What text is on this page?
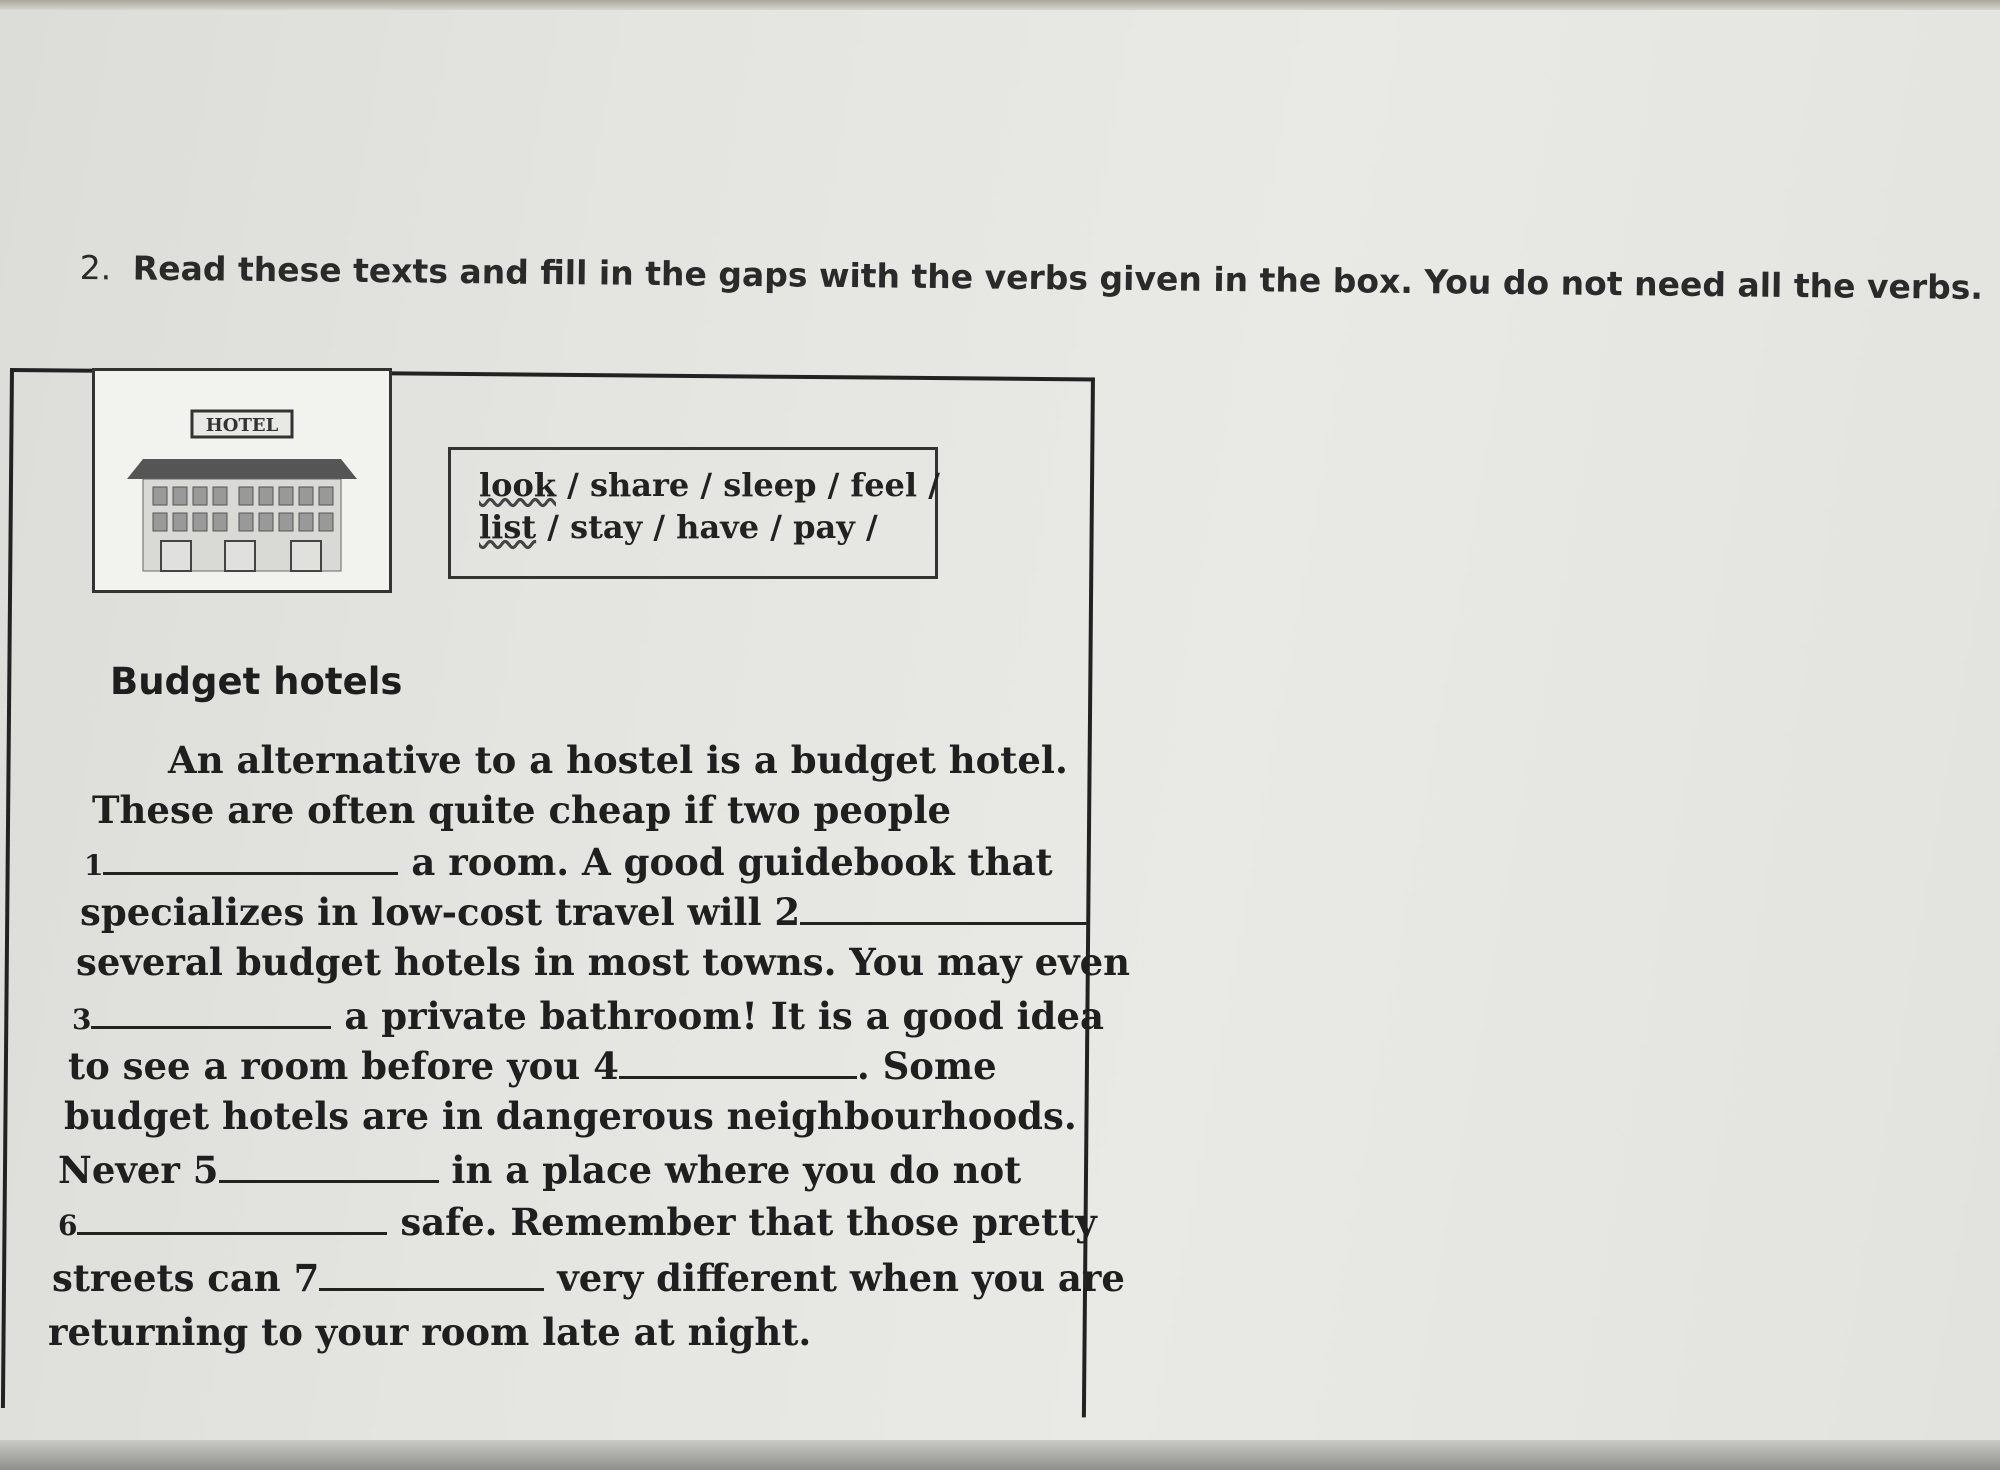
2. Read these texts and fill in the gaps with the verbs given in the box. You do not need all the verbs.
HOTEL
look / share / sleep / feel /
list / stay / have / pay /
Budget hotels
An alternative to a hostel is a budget hotel.
These are often quite cheap if two people
1	a room. A good guidebook that
specializes in low-cost travel will 2
several budget hotels in most towns. You may even
3	a private bathroom! It is a good idea
to see a room before you 4	. Some
budget hotels are in dangerous neighbourhoods.
Never 5	in a place where you do not
6	safe. Remember that those pretty
streets can 7	very different when you are
returning to your room late at night.
